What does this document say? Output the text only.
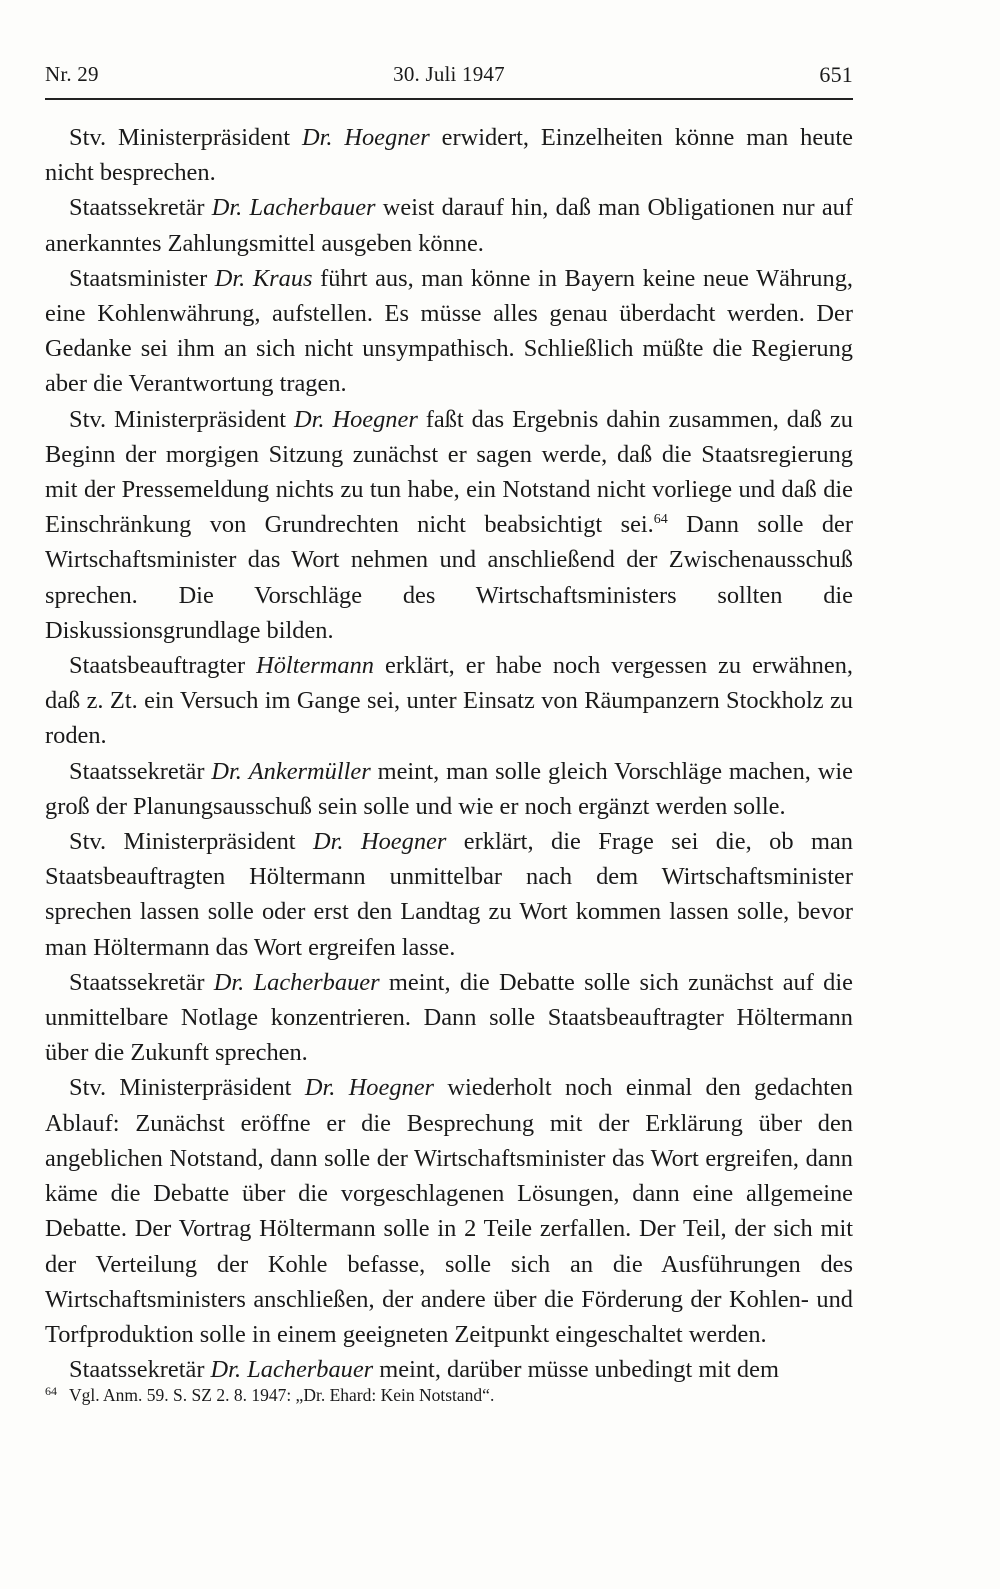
Nr. 29	30. Juli 1947	651

Stv. Ministerpräsident Dr. Hoegner erwidert, Einzelheiten könne man heute nicht besprechen.

Staatssekretär Dr. Lacherbauer weist darauf hin, daß man Obligationen nur auf anerkanntes Zahlungsmittel ausgeben könne.

Staatsminister Dr. Kraus führt aus, man könne in Bayern keine neue Währung, eine Kohlenwährung, aufstellen. Es müsse alles genau überdacht werden. Der Gedanke sei ihm an sich nicht unsympathisch. Schließlich müßte die Regierung aber die Verantwortung tragen.

Stv. Ministerpräsident Dr. Hoegner faßt das Ergebnis dahin zusammen, daß zu Beginn der morgigen Sitzung zunächst er sagen werde, daß die Staatsregierung mit der Pressemeldung nichts zu tun habe, ein Notstand nicht vorliege und daß die Einschränkung von Grundrechten nicht beabsichtigt sei.$^{64}$ Dann solle der Wirtschaftsminister das Wort nehmen und anschließend der Zwischenausschuß sprechen. Die Vorschläge des Wirtschaftsministers sollten die Diskussionsgrundlage bilden.

Staatsbeauftragter Höltermann erklärt, er habe noch vergessen zu erwähnen, daß z. Zt. ein Versuch im Gange sei, unter Einsatz von Räumpanzern Stockholz zu roden.

Staatssekretär Dr. Ankermüller meint, man solle gleich Vorschläge machen, wie groß der Planungsausschuß sein solle und wie er noch ergänzt werden solle.

Stv. Ministerpräsident Dr. Hoegner erklärt, die Frage sei die, ob man Staatsbeauftragten Höltermann unmittelbar nach dem Wirtschaftsminister sprechen lassen solle oder erst den Landtag zu Wort kommen lassen solle, bevor man Höltermann das Wort ergreifen lasse.

Staatssekretär Dr. Lacherbauer meint, die Debatte solle sich zunächst auf die unmittelbare Notlage konzentrieren. Dann solle Staatsbeauftragter Höltermann über die Zukunft sprechen.

Stv. Ministerpräsident Dr. Hoegner wiederholt noch einmal den gedachten Ablauf: Zunächst eröffne er die Besprechung mit der Erklärung über den angeblichen Notstand, dann solle der Wirtschaftsminister das Wort ergreifen, dann käme die Debatte über die vorgeschlagenen Lösungen, dann eine allgemeine Debatte. Der Vortrag Höltermann solle in 2 Teile zerfallen. Der Teil, der sich mit der Verteilung der Kohle befasse, solle sich an die Ausführungen des Wirtschaftsministers anschließen, der andere über die Förderung der Kohlen- und Torfproduktion solle in einem geeigneten Zeitpunkt eingeschaltet werden.

Staatssekretär Dr. Lacherbauer meint, darüber müsse unbedingt mit dem

$^{64}$ Vgl. Anm. 59. S. SZ 2. 8. 1947: „Dr. Ehard: Kein Notstand“.
